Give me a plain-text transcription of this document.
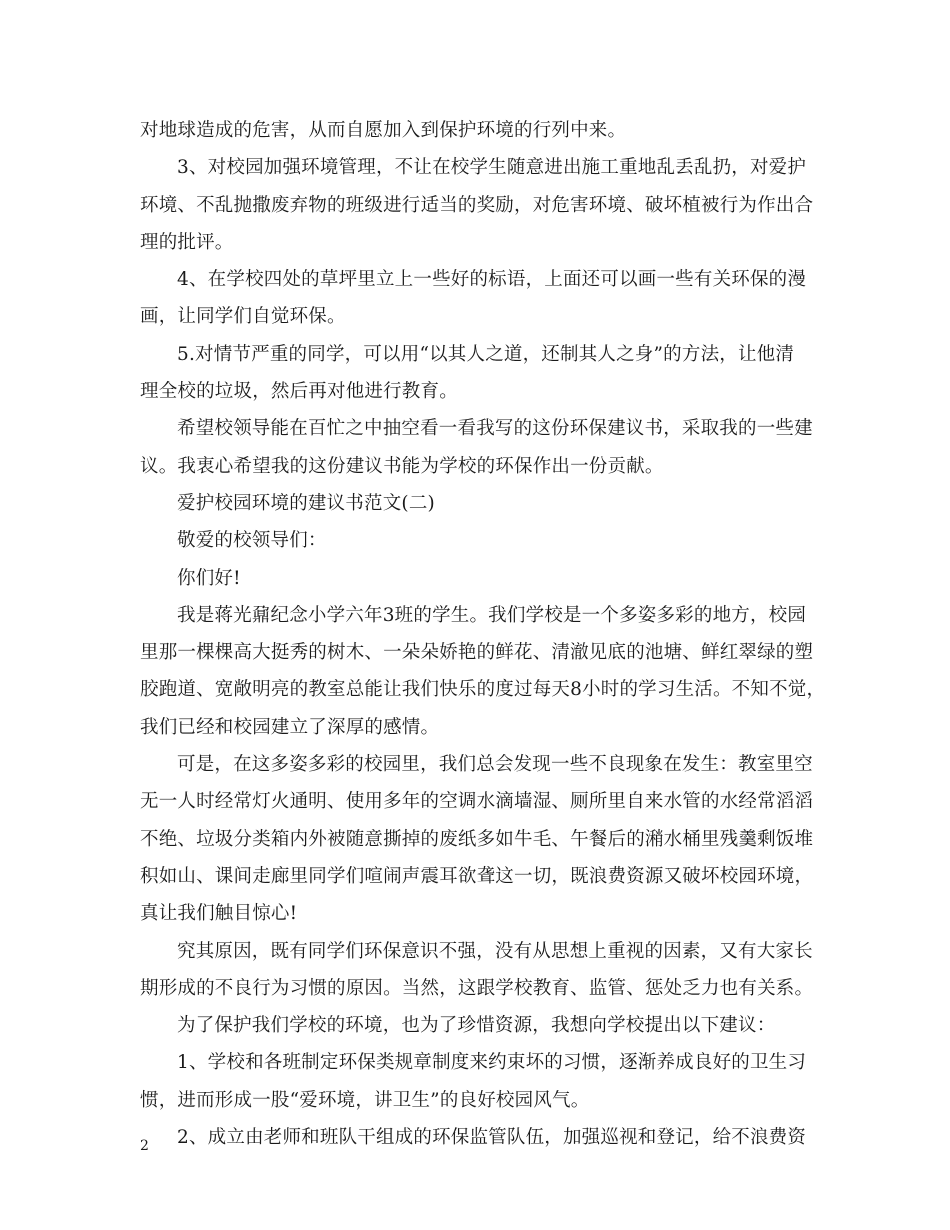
对地球造成的危害，从而自愿加入到保护环境的行列中来。

3、对校园加强环境管理，不让在校学生随意进出施工重地乱丢乱扔，对爱护
环境、不乱抛撒废弃物的班级进行适当的奖励，对危害环境、破坏植被行为作出合
理的批评。

4、在学校四处的草坪里立上一些好的标语，上面还可以画一些有关环保的漫
画，让同学们自觉环保。

5.对情节严重的同学，可以用“以其人之道，还制其人之身”的方法，让他清
理全校的垃圾，然后再对他进行教育。

希望校领导能在百忙之中抽空看一看我写的这份环保建议书，采取我的一些建
议。我衷心希望我的这份建议书能为学校的环保作出一份贡献。

爱护校园环境的建议书范文(二)

敬爱的校领导们：

你们好!

我是蒋光鼐纪念小学六年3班的学生。我们学校是一个多姿多彩的地方，校园
里那一棵棵高大挺秀的树木、一朵朵娇艳的鲜花、清澈见底的池塘、鲜红翠绿的塑
胶跑道、宽敞明亮的教室总能让我们快乐的度过每天8小时的学习生活。不知不觉，
我们已经和校园建立了深厚的感情。

可是，在这多姿多彩的校园里，我们总会发现一些不良现象在发生：教室里空
无一人时经常灯火通明、使用多年的空调水滴墙湿、厕所里自来水管的水经常滔滔
不绝、垃圾分类箱内外被随意撕掉的废纸多如牛毛、午餐后的潲水桶里残羹剩饭堆
积如山、课间走廊里同学们喧闹声震耳欲聋这一切，既浪费资源又破坏校园环境，
真让我们触目惊心!

究其原因，既有同学们环保意识不强，没有从思想上重视的因素，又有大家长
期形成的不良行为习惯的原因。当然，这跟学校教育、监管、惩处乏力也有关系。

为了保护我们学校的环境，也为了珍惜资源，我想向学校提出以下建议：

1、学校和各班制定环保类规章制度来约束坏的习惯，逐渐养成良好的卫生习
惯，进而形成一股“爱环境，讲卫生”的良好校园风气。

2、成立由老师和班队干组成的环保监管队伍，加强巡视和登记，给不浪费资

2
